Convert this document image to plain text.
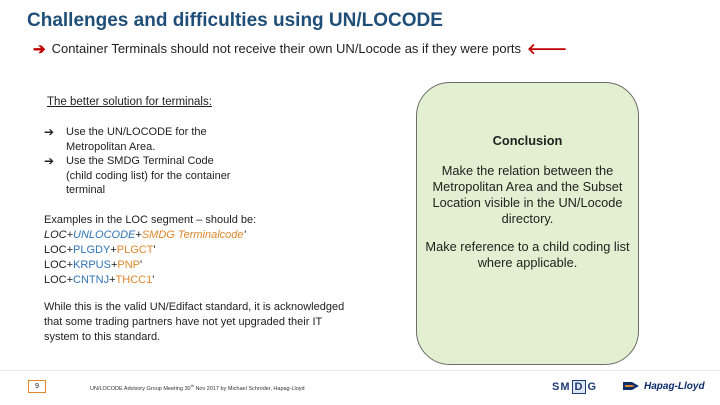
Challenges and difficulties using UN/LOCODE
➔ Container Terminals should not receive their own UN/Locode as if they were ports 🡐
The better solution for terminals:
➔	Use the UN/LOCODE for the Metropolitan Area.
➔	Use the SMDG Terminal Code (child coding list) for the container terminal
Examples in the LOC segment – should be:
LOC+UNLOCODE+SMDG Terminalcode'
LOC+PLGDY+PLGCT'
LOC+KRPUS+PNP'
LOC+CNTNJ+THCC1'
While this is the valid UN/Edifact standard, it is acknowledged that some trading partners have not yet upgraded their IT system to this standard.
Conclusion
Make the relation between the Metropolitan Area and the Subset Location visible in the UN/Locode directory.
Make reference to a child coding list where applicable.
9	UN/LOCODE Advisory Group Meeting 30th Nov 2017 by Michael Schroder, Hapag-Lloyd	S M D G	Hapag-Lloyd
